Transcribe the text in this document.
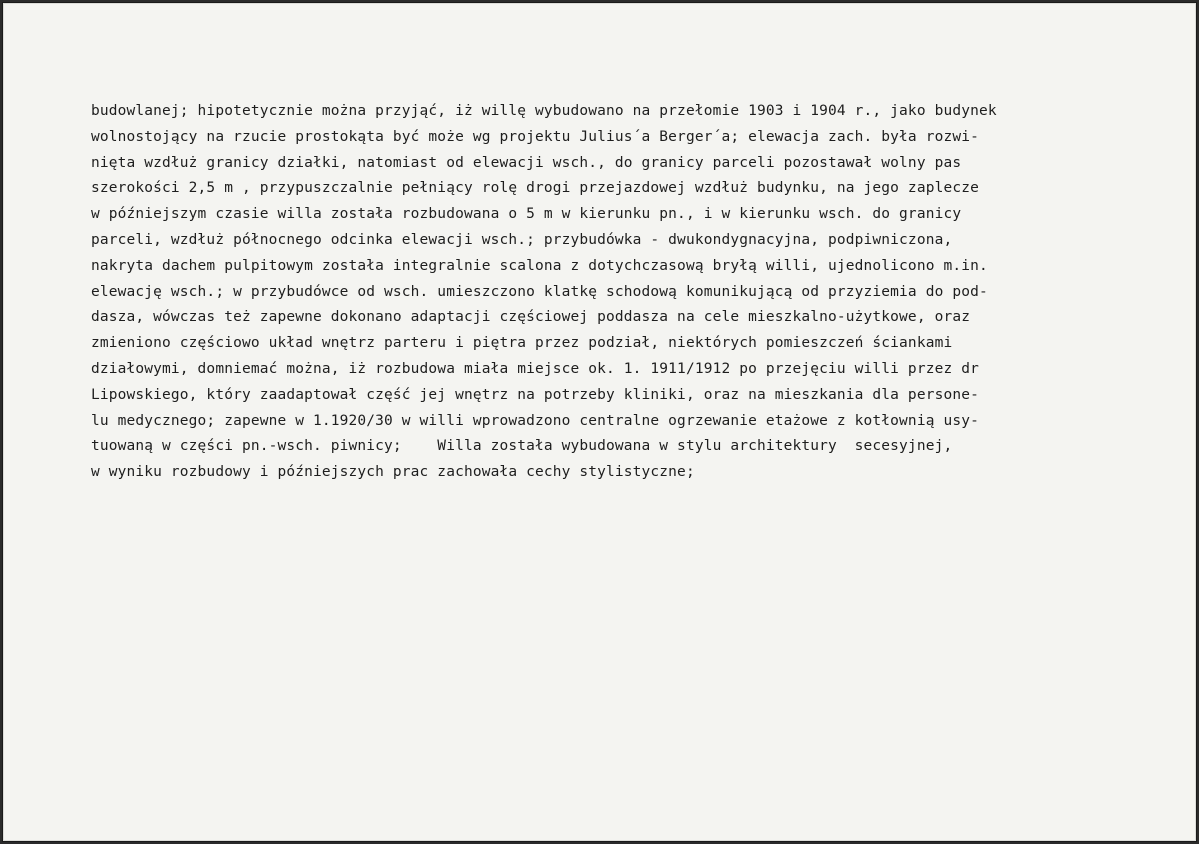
budowlanej; hipotetycznie można przyjąć, iż willę wybudowano na przełomie 1903 i 1904 r., jako budynek
wolnostojący na rzucie prostokąta być może wg projektu Julius´a Berger´a; elewacja zach. była rozwi-
nięta wzdłuż granicy działki, natomiast od elewacji wsch., do granicy parceli pozostawał wolny pas
szerokości 2,5 m , przypuszczalnie pełniący rolę drogi przejazdowej wzdłuż budynku, na jego zaplecze
w późniejszym czasie willa została rozbudowana o 5 m w kierunku pn., i w kierunku wsch. do granicy
parceli, wzdłuż północnego odcinka elewacji wsch.; przybudówka - dwukondygnacyjna, podpiwniczona,
nakryta dachem pulpitowym została integralnie scalona z dotychczasową bryłą willi, ujednolicono m.in.
elewację wsch.; w przybudówce od wsch. umieszczono klatkę schodową komunikującą od przyziemia do pod-
dasza, wówczas też zapewne dokonano adaptacji częściowej poddasza na cele mieszkalno-użytkowe, oraz
zmieniono częściowo układ wnętrz parteru i piętra przez podział, niektórych pomieszczeń ściankami
działowymi, domniemać można, iż rozbudowa miała miejsce ok. 1. 1911/1912 po przejęciu willi przez dr
Lipowskiego, który zaadaptował część jej wnętrz na potrzeby kliniki, oraz na mieszkania dla persone-
lu medycznego; zapewne w 1.1920/30 w willi wprowadzono centralne ogrzewanie etażowe z kotłownią usy-
tuowaną w części pn.-wsch. piwnicy;    Willa została wybudowana w stylu architektury  secesyjnej,
w wyniku rozbudowy i późniejszych prac zachowała cechy stylistyczne;
